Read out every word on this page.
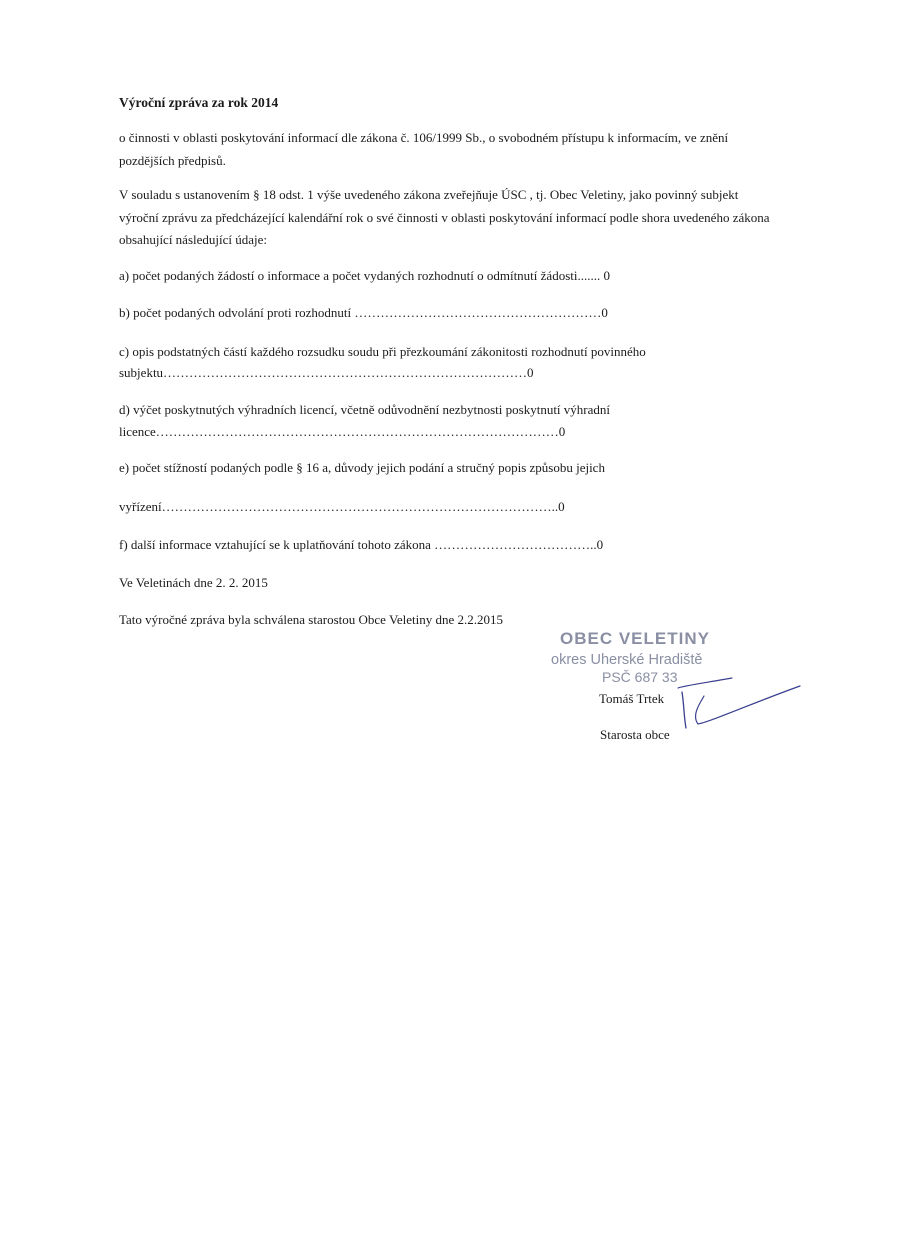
Výroční zpráva za rok 2014
o činnosti v oblasti poskytování informací dle zákona č. 106/1999 Sb., o svobodném přístupu k informacím, ve znění
pozdějších předpisů.
V souladu s ustanovením § 18 odst. 1 výše uvedeného zákona zveřejňuje ÚSC , tj. Obec Veletiny, jako povinný subjekt
výroční zprávu za předcházející kalendářní rok o své činnosti v oblasti poskytování informací podle shora uvedeného zákona
obsahující následující údaje:
a) počet podaných žádostí o informace a počet vydaných rozhodnutí o odmítnutí žádosti....... 0
b) počet podaných odvolání proti rozhodnutí …………………………………………………0
c) opis podstatných částí každého rozsudku soudu při přezkoumání zákonitosti rozhodnutí povinného
subjektu…………………………………………………………………………0
d) výčet poskytnutých výhradních licencí, včetně odůvodnění nezbytnosti poskytnutí výhradní
licence…………………………………………………………………………………0
e) počet stížností podaných podle § 16 a, důvody jejich podání a stručný popis způsobu jejich
vyřízení………………………………………………………………………………..0
f) další informace vztahující se k uplatňování tohoto zákona ………………………………..0
Ve Veletinách dne 2. 2. 2015
Tato výročné zpráva byla schválena starostou Obce Veletiny dne 2.2.2015
OBEC VELETINY
okres Uherské Hradiště
PSČ 687 33
Tomáš Trtek
Starosta obce
